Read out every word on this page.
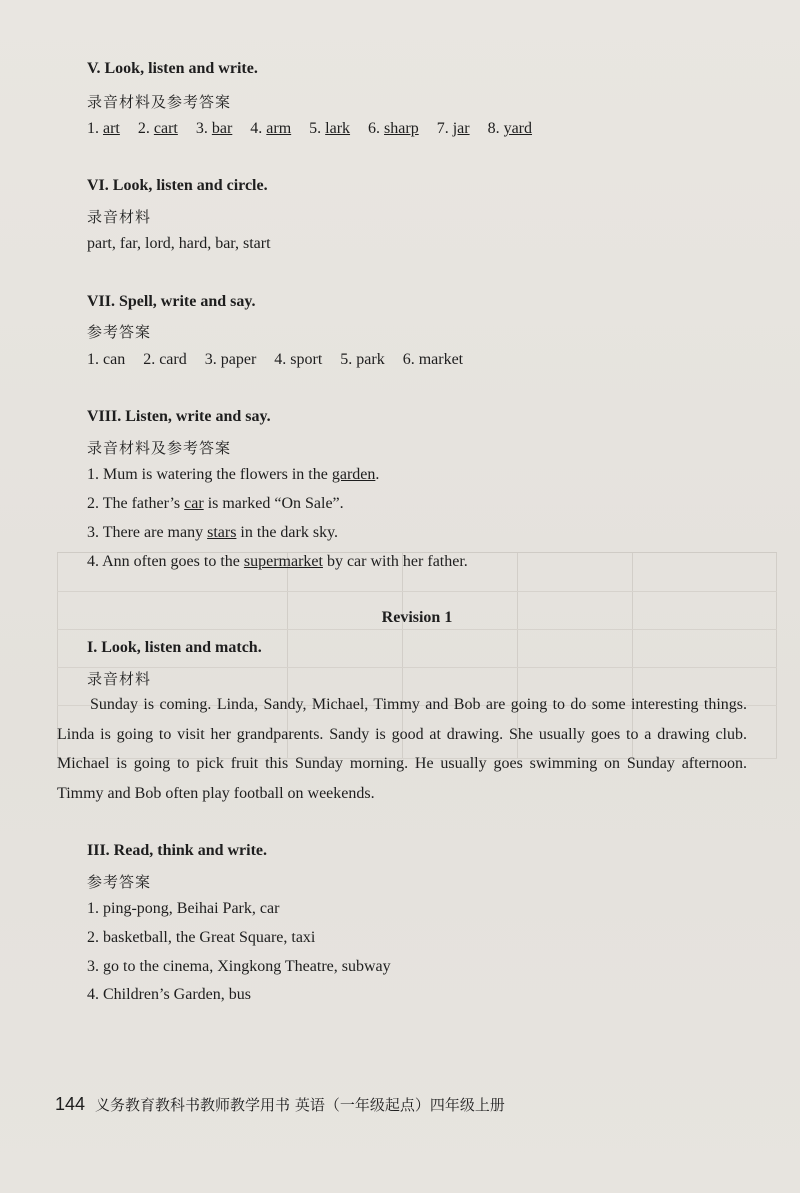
V. Look, listen and write.
录音材料及参考答案
1. art 2. cart 3. bar 4. arm 5. lark 6. sharp 7. jar 8. yard
VI. Look, listen and circle.
录音材料
part, far, lord, hard, bar, start
VII. Spell, write and say.
参考答案
1. can 2. card 3. paper 4. sport 5. park 6. market
VIII. Listen, write and say.
录音材料及参考答案
1. Mum is watering the flowers in the garden.
2. The father’s car is marked “On Sale”.
3. There are many stars in the dark sky.
4. Ann often goes to the supermarket by car with her father.
Revision 1
I. Look, listen and match.
录音材料
Sunday is coming. Linda, Sandy, Michael, Timmy and Bob are going to do some interesting things. Linda is going to visit her grandparents. Sandy is good at drawing. She usually goes to a drawing club. Michael is going to pick fruit this Sunday morning. He usually goes swimming on Sunday afternoon. Timmy and Bob often play football on weekends.
III. Read, think and write.
参考答案
1. ping-pong, Beihai Park, car
2. basketball, the Great Square, taxi
3. go to the cinema, Xingkong Theatre, subway
4. Children’s Garden, bus
144 义务教育教科书教师教学用书 英语（一年级起点）四年级上册
